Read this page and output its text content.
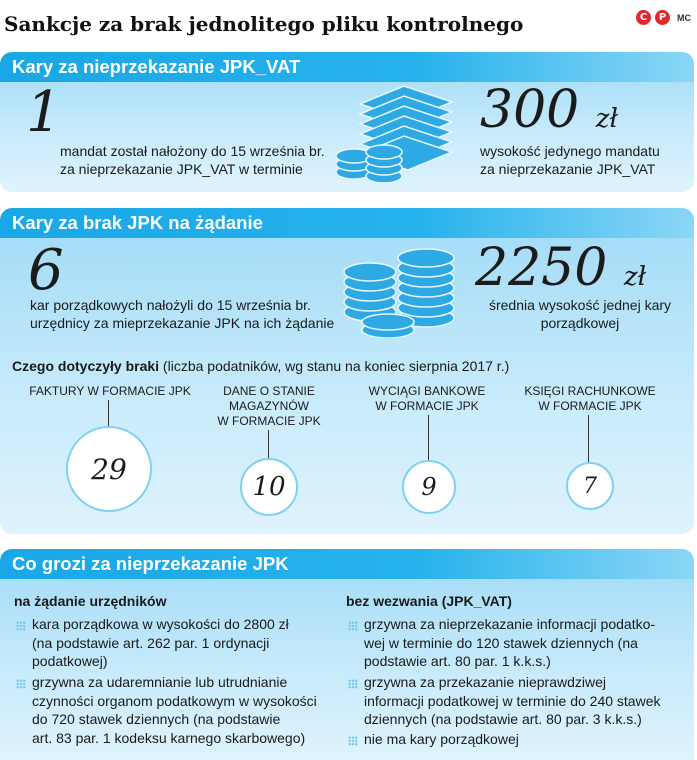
Sankcje za brak jednolitego pliku kontrolnego	C	P	MC
Kary za nieprzekazanie JPK_VAT
1
mandat został nałożony do 15 września br.
za nieprzekazanie JPK_VAT w terminie
300 zł
wysokość jedynego mandatu
za nieprzekazanie JPK_VAT
Kary za brak JPK na żądanie
6
kar porządkowych nałożyli do 15 września br.
urzędnicy za mieprzekazanie JPK na ich żądanie
2250 zł
średnia wysokość jednej kary
porządkowej
Czego dotyczyły braki (liczba podatników, wg stanu na koniec sierpnia 2017 r.)
FAKTURY W FORMACIE JPK
29
DANE O STANIE
MAGAZYNÓW
W FORMACIE JPK
10
WYCIĄGI BANKOWE
W FORMACIE JPK
9
KSIĘGI RACHUNKOWE
W FORMACIE JPK
7
Co grozi za nieprzekazanie JPK
na żądanie urzędników
kara porządkowa w wysokości do 2800 zł
(na podstawie art. 262 par. 1 ordynacji
podatkowej)
grzywna za udaremnianie lub utrudnianie
czynności organom podatkowym w wysokości
do 720 stawek dziennych (na podstawie
art. 83 par. 1 kodeksu karnego skarbowego)
bez wezwania (JPK_VAT)
grzywna za nieprzekazanie informacji podatko-
wej w terminie do 120 stawek dziennych (na
podstawie art. 80 par. 1 k.k.s.)
grzywna za przekazanie nieprawdziwej
informacji podatkowej w terminie do 240 stawek
dziennych (na podstawie art. 80 par. 3 k.k.s.)
nie ma kary porządkowej
